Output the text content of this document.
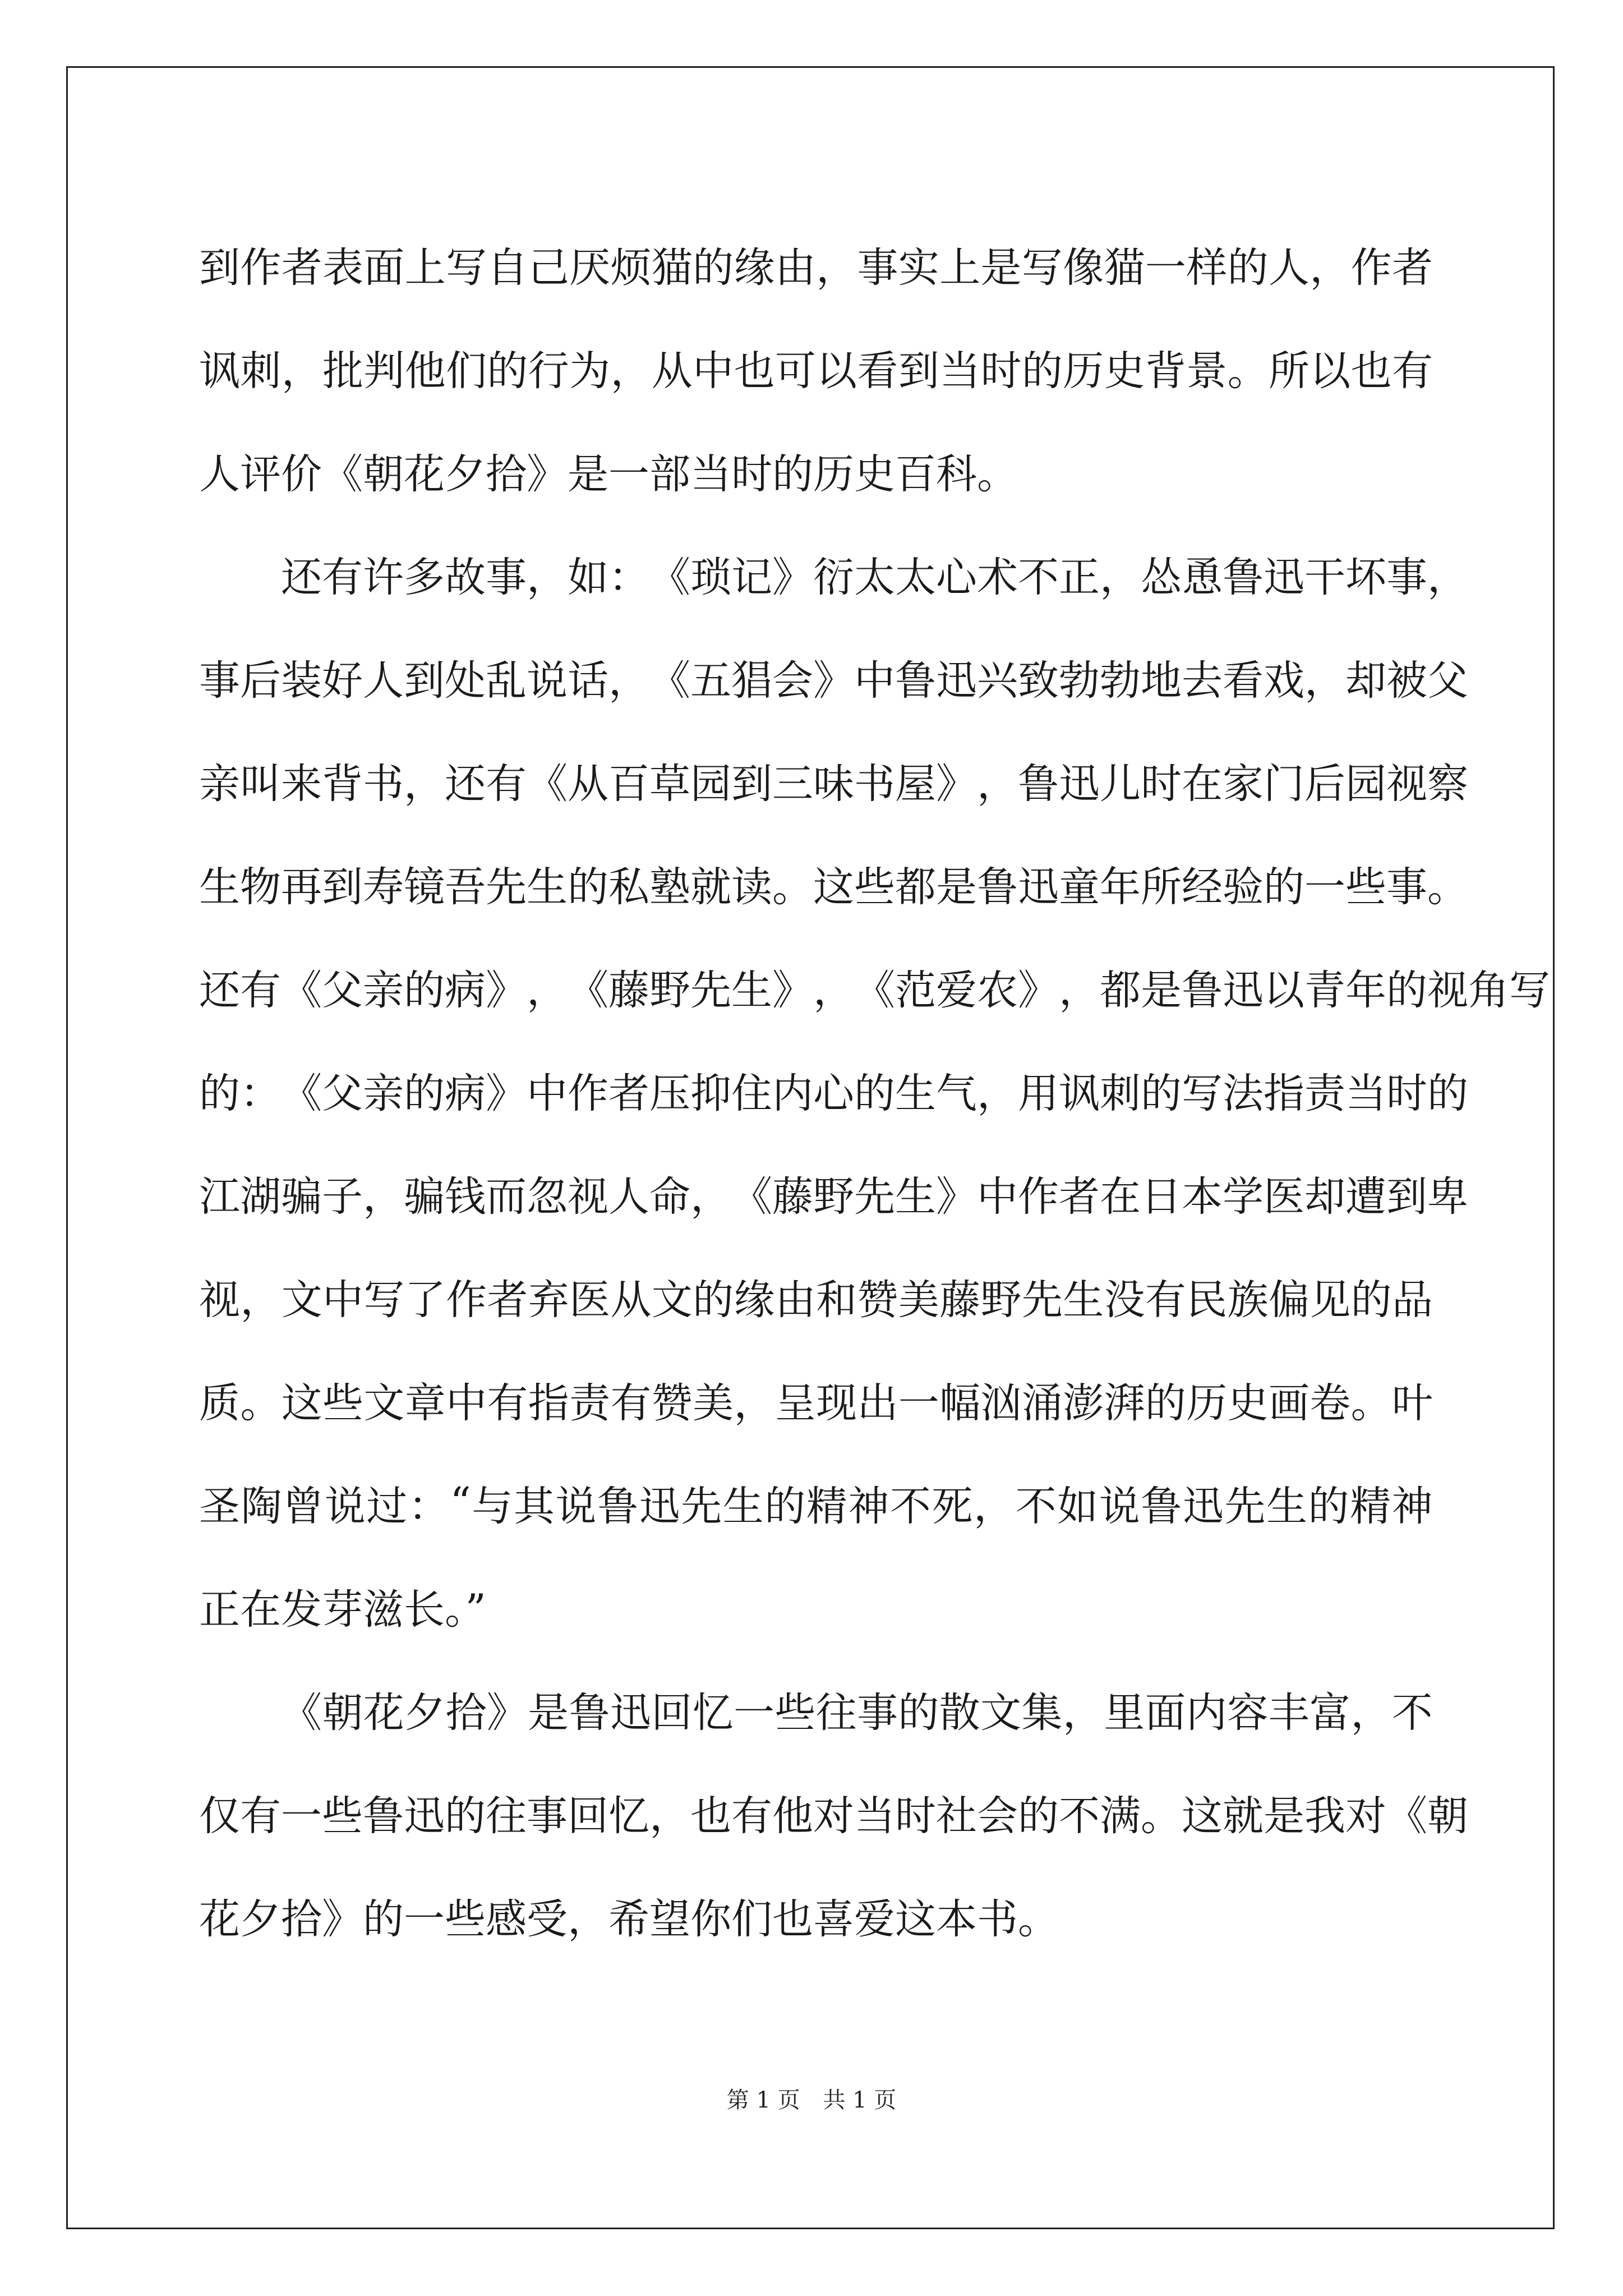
到 作 者 表 面 上 写 自 己 厌 烦 猫 的 缘 由 ， 事 实 上 是 写 像 猫 一 样 的 人 ， 作 者
讽 刺 ， 批 判 他 们 的 行 为 ， 从 中 也 可 以 看 到 当 时 的 历 史 背 景 。 所 以 也 有
人评价《朝花夕拾》是一部当时的历史百科。
还 有 许 多 故 事 ， 如 ： 《 琐 记 》 衍 太 太 心 术 不 正 ， 怂 恿 鲁 迅 干 坏 事 ，
事 后 装 好 人 到 处 乱 说 话 ， 《 五 猖 会 》 中 鲁 迅 兴 致 勃 勃 地 去 看 戏 ， 却 被 父
亲 叫 来 背 书 ， 还 有 《 从 百 草 园 到 三 味 书 屋 》 ， 鲁 迅 儿 时 在 家 门 后 园 视 察
生 物 再 到 寿 镜 吾 先 生 的 私 塾 就 读 。 这 些 都 是 鲁 迅 童 年 所 经 验 的 一 些 事 。
还 有 《 父 亲 的 病 》 ， 《 藤 野 先 生 》 ， 《 范 爱 农 》 ， 都 是 鲁 迅 以 青 年 的 视 角 写
的 ： 《 父 亲 的 病 》 中 作 者 压 抑 住 内 心 的 生 气 ， 用 讽 刺 的 写 法 指 责 当 时 的
江 湖 骗 子 ， 骗 钱 而 忽 视 人 命 ， 《 藤 野 先 生 》 中 作 者 在 日 本 学 医 却 遭 到 卑
视 ， 文 中 写 了 作 者 弃 医 从 文 的 缘 由 和 赞 美 藤 野 先 生 没 有 民 族 偏 见 的 品
质 。 这 些 文 章 中 有 指 责 有 赞 美 ， 呈 现 出 一 幅 汹 涌 澎 湃 的 历 史 画 卷 。 叶
圣 陶 曾 说 过 ： “ 与 其 说 鲁 迅 先 生 的 精 神 不 死 ， 不 如 说 鲁 迅 先 生 的 精 神
正在发芽滋长。”
《 朝 花 夕 拾 》 是 鲁 迅 回 忆 一 些 往 事 的 散 文 集 ， 里 面 内 容 丰 富 ， 不
仅 有 一 些 鲁 迅 的 往 事 回 忆 ， 也 有 他 对 当 时 社 会 的 不 满 。 这 就 是 我 对 《 朝
花夕拾》的一些感受，希望你们也喜爱这本书。
第 1 页 共 1 页
